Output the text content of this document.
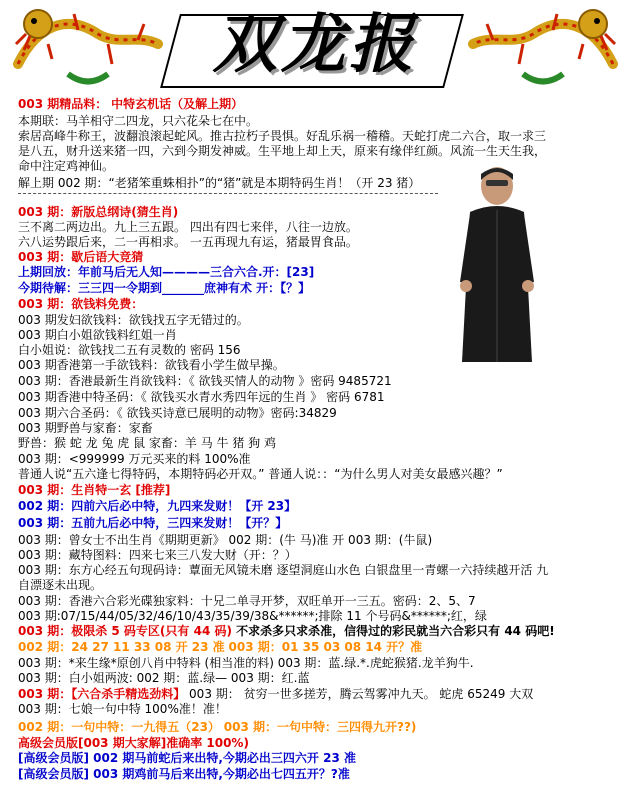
双龙报
003 期精品料： 中特玄机话（及解上期）
本期联：马羊相守二四龙，只六花朵七在中。
索居高峰牛称王，波翻浪滚起蛇风。推古拉朽子畏惧。好乱乐祸一稽稽。天蛇打虎二六合，取一求三
是八五，财升送来猪一四，六到今期发神威。生平地上却上天，原来有缘伴红颜。风流一生天生我，
命中注定鸡神仙。
解上期 002 期：“老猪笨重蛛相扑”的“猪”就是本期特码生肖！（开 23 猪）
003 期：新版总纲诗(猜生肖)
三不离二两边出。九上三五跟。 四出有四七来伴，八往一边放。
六八运势跟后来，二一再相求。 一五再现九有运，猪最胃食品。
003 期：歇后语大竞猜
上期回放：年前马后无人知————三合六合.开：[23]
今期待解：三三四一令期到_______庶神有术 开：【？】
003 期：欲钱料免费：
003 期发妇欲钱料：欲钱找五字无错过的。
003 期白小姐欲钱料红姐一肖
白小姐说：欲钱找二五有灵数的 密码 156
003 期香港第一手欲钱料：欲钱看小学生做早操。
003 期：香港最新生肖欲钱料：《 欲钱买情人的动物 》密码 9485721
003 期香港中特圣码：《 欲钱买水青水秀四年远的生肖 》 密码 6781
003 期六合圣码：《 欲钱买诗意已展明的动物》密码:34829
003 期野兽与家畜：家畜
野兽：猴 蛇 龙 兔 虎 鼠 家畜：羊 马 牛 猪 狗 鸡
003 期：<999999 万元买来的料 100%准
普通人说“五六逢七得特码，本期特码必开双。” 普通人说：：“为什么男人对美女最感兴趣？”
003 期：生肖特一玄 [推荐]
002 期：四前六后必中特，九四来发财！【开 23】
003 期：五前九后必中特，三四来发财！【开？】
003 期：曾女士不出生肖《期期更新》 002 期：(牛 马)准 开 003 期：(牛鼠)
003 期：藏特图料：四来七来三八发大财（开：？）
003 期：东方心经五句现码诗：蕈面无风镜未磨 逐望洞庭山水色 白银盘里一青螺一六持续越开活 九
自漂逐未出现。
003 期：香港六合彩光碟独家料：十兄二单寻开梦，双旺单开一三五。密码：2、5、7
003 期:07/15/44/05/32/46/10/43/35/39/38&******;排除 11 个号码&******;红，绿
003 期：极限杀 5 码专区(只有 44 码) 不求杀多只求杀准，信得过的彩民就当六合彩只有 44 码吧!
002 期：24 27 11 33 08 开 23 准 003 期：01 35 03 08 14 开？准
003 期：*来生缘*原创八肖中特料 (相当准的料) 003 期：蓝.绿.*.虎蛇猴猪.龙羊狗牛.
003 期：白小姐两波: 002 期：蓝.绿— 003 期：红.蓝
003 期：【六合杀手精选劲料】 003 期： 贫穷一世多搓芳，腾云驾雾冲九天。 蛇虎 65249 大双
003 期：七娘一句中特 100%准！准！
002 期：一句中特：一九得五（23） 003 期：一句中特：三四得九开??)
高级会员版[003 期大家解]准确率 100%)
[高级会员版] 002 期马前蛇后来出特,今期必出三四六开 23 准
[高级会员版] 003 期鸡前马后来出特,今期必出七四五开？?准
